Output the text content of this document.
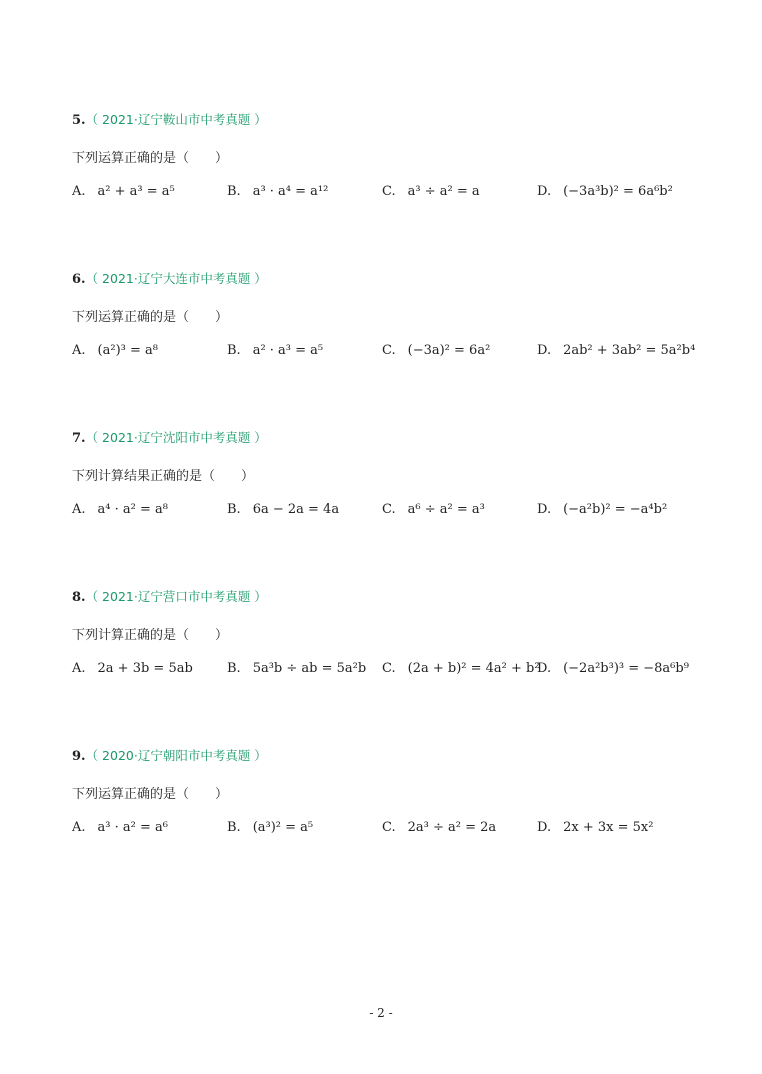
5.（ 2021·辽宁鞍山市中考真题 ）
下列运算正确的是（　　）
A. a² + a³ = a⁵	B. a³ · a⁴ = a¹²	C. a³ ÷ a² = a	D. (−3a³b)² = 6a⁶b²
6.（ 2021·辽宁大连市中考真题 ）
下列运算正确的是（　　）
A. (a²)³ = a⁸	B. a² · a³ = a⁵	C. (−3a)² = 6a²	D. 2ab² + 3ab² = 5a²b⁴
7.（ 2021·辽宁沈阳市中考真题 ）
下列计算结果正确的是（　　）
A. a⁴ · a² = a⁸	B. 6a − 2a = 4a	C. a⁶ ÷ a² = a³	D. (−a²b)² = −a⁴b²
8.（ 2021·辽宁营口市中考真题 ）
下列计算正确的是（　　）
A. 2a + 3b = 5ab	B. 5a³b ÷ ab = 5a²b C. (2a + b)² = 4a² + b²
D. (−2a²b³)³ = −8a⁶b⁹
9.（ 2020·辽宁朝阳市中考真题 ）
下列运算正确的是（　　）
A. a³ · a² = a⁶	B. (a³)² = a⁵	C. 2a³ ÷ a² = 2a	D. 2x + 3x = 5x²
- 2 -
